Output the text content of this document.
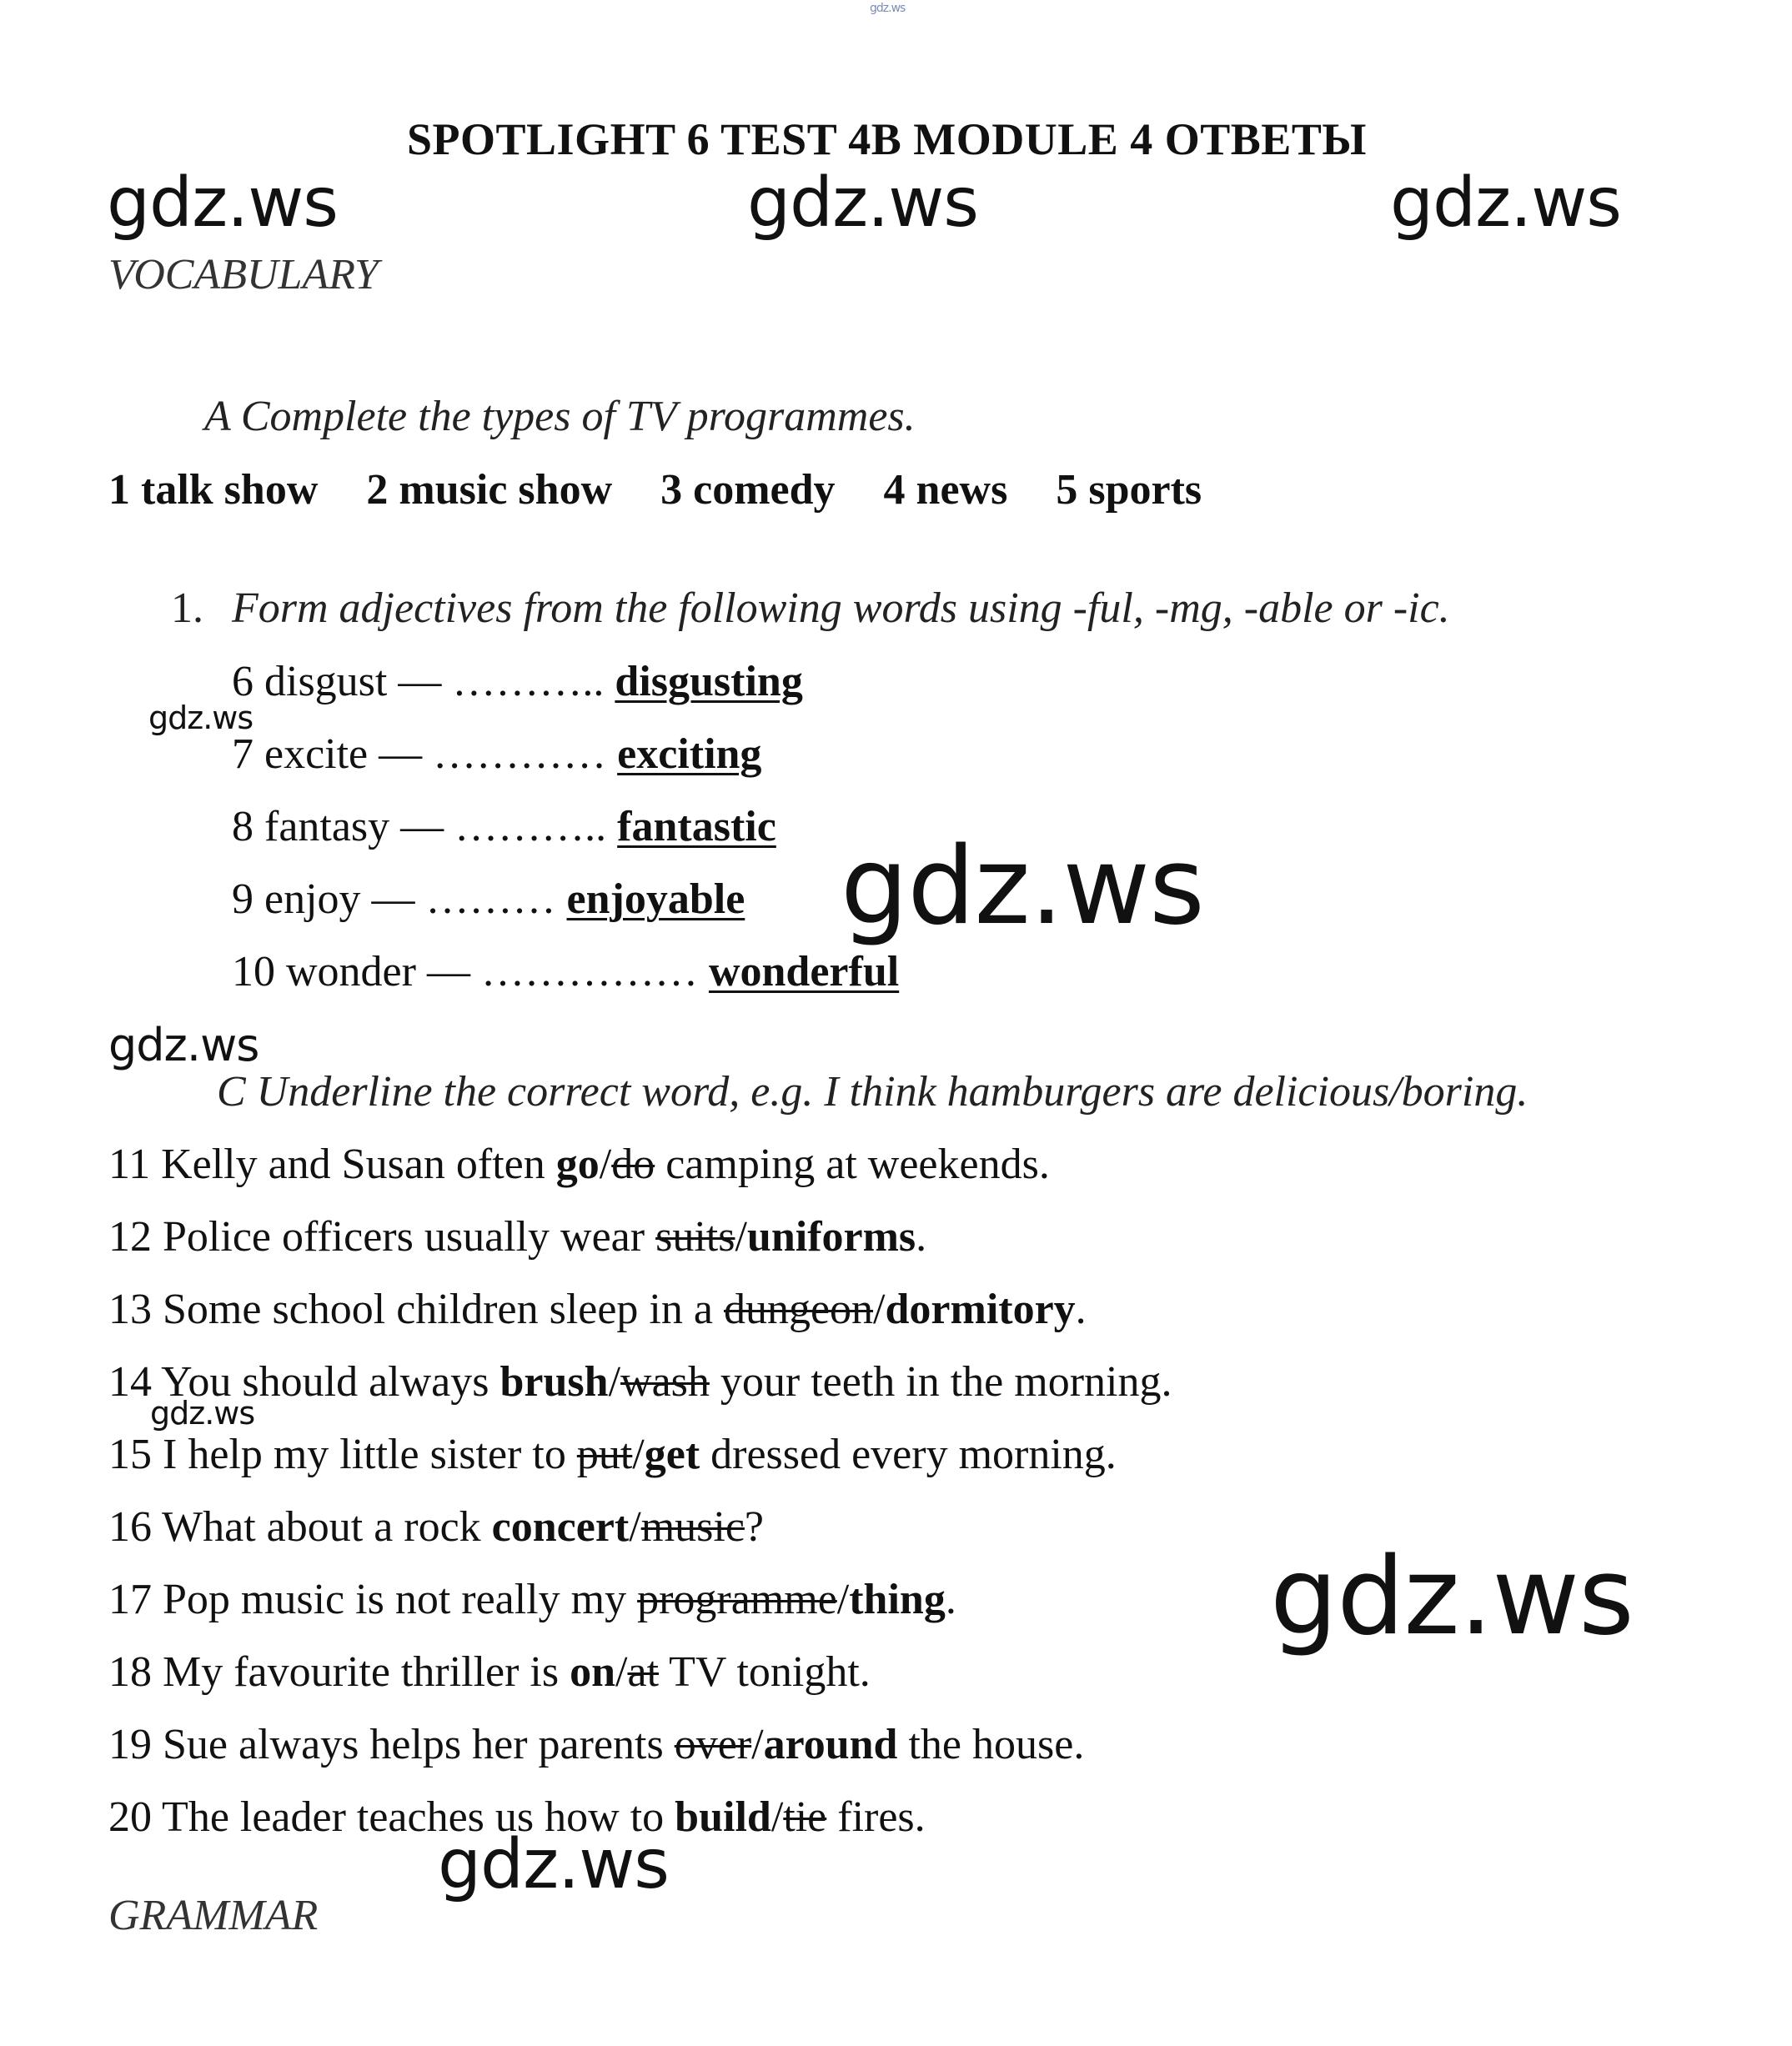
gdz.ws
SPOTLIGHT 6 TEST 4B MODULE 4 ОТВЕТЫ
gdz.ws	gdz.ws	gdz.ws
VOCABULARY
A Complete the types of TV programmes.
1 talk show 2 music show 3 comedy 4 news 5 sports
1. Form adjectives from the following words using -ful, -mg, -able or -ic.
6 disgust — ……….. disgusting
7 excite — ………… exciting
8 fantasy — ……….. fantastic
9 enjoy — ……… enjoyable
10 wonder — …………… wonderful
gdz.ws
gdz.ws
gdz.ws
C Underline the correct word, e.g. I think hamburgers are delicious/boring.
11 Kelly and Susan often go/do camping at weekends.
12 Police officers usually wear suits/uniforms.
13 Some school children sleep in a dungeon/dormitory.
14 You should always brush/wash your teeth in the morning.
15 I help my little sister to put/get dressed every morning.
16 What about a rock concert/music?
17 Pop music is not really my programme/thing.
18 My favourite thriller is on/at TV tonight.
19 Sue always helps her parents over/around the house.
20 The leader teaches us how to build/tie fires.
gdz.ws
gdz.ws
gdz.ws
GRAMMAR
